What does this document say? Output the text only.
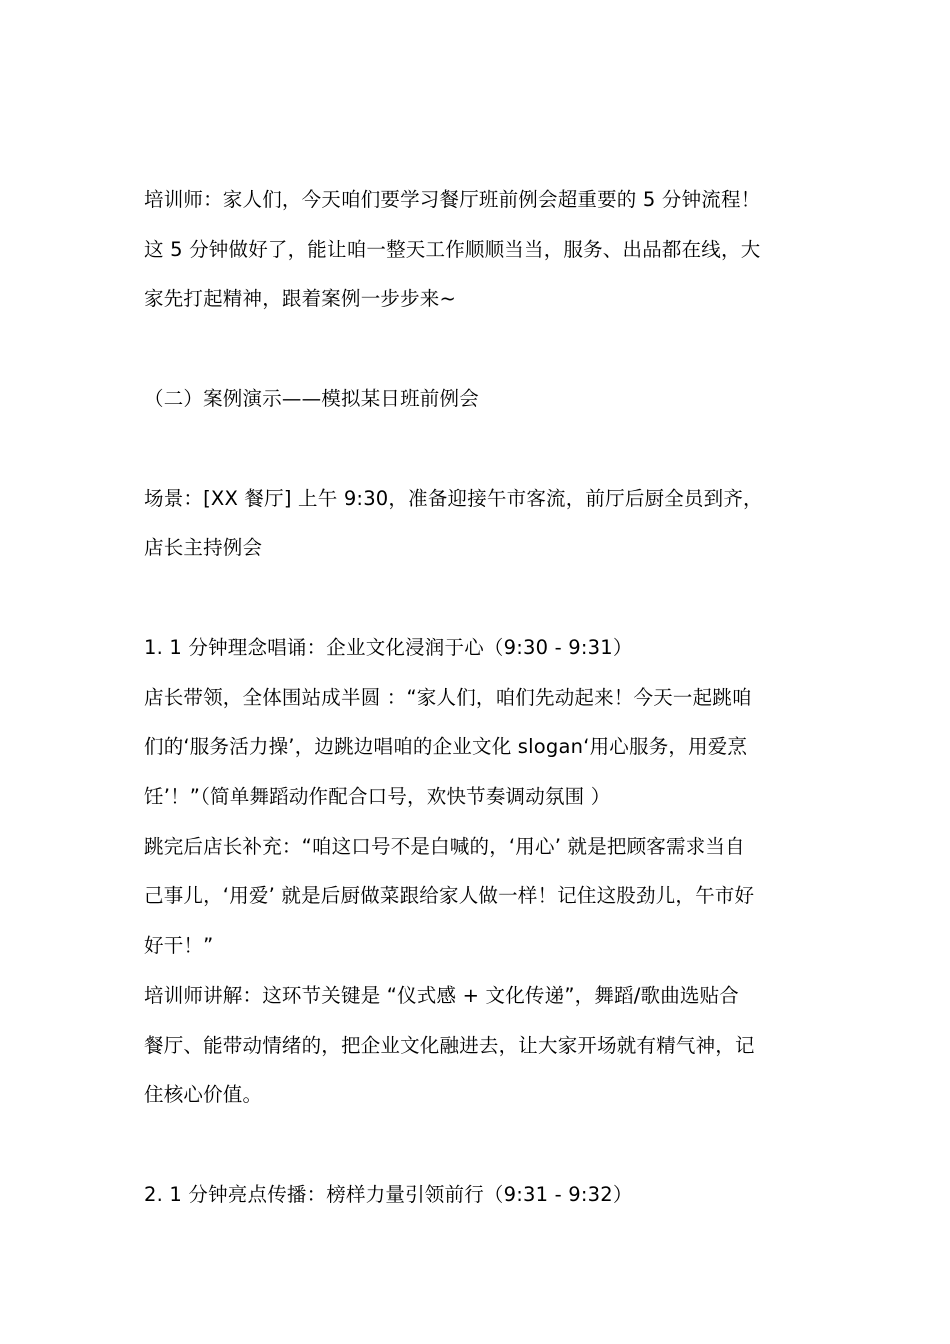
培训师：家人们，今天咱们要学习餐厅班前例会超重要的 5 分钟流程！
这 5 分钟做好了，能让咱一整天工作顺顺当当，服务、出品都在线，大
家先打起精神，跟着案例一步步来~
（二）案例演示——模拟某日班前例会
场景：[XX 餐厅] 上午 9:30，准备迎接午市客流，前厅后厨全员到齐，
店长主持例会
1. 1 分钟理念唱诵：企业文化浸润于心（9:30 - 9:31）
店长带领，全体围站成半圆 ：“家人们，咱们先动起来！今天一起跳咱
们的‘服务活力操’，边跳边唱咱的企业文化 slogan‘用心服务，用爱烹
饪’！”（简单舞蹈动作配合口号，欢快节奏调动氛围 ）
跳完后店长补充：“咱这口号不是白喊的，‘用心’ 就是把顾客需求当自
己事儿，‘用爱’ 就是后厨做菜跟给家人做一样！记住这股劲儿，午市好
好干！”
培训师讲解：这环节关键是 “仪式感 + 文化传递”，舞蹈/歌曲选贴合
餐厅、能带动情绪的，把企业文化融进去，让大家开场就有精气神，记
住核心价值。
2. 1 分钟亮点传播：榜样力量引领前行（9:31 - 9:32）
